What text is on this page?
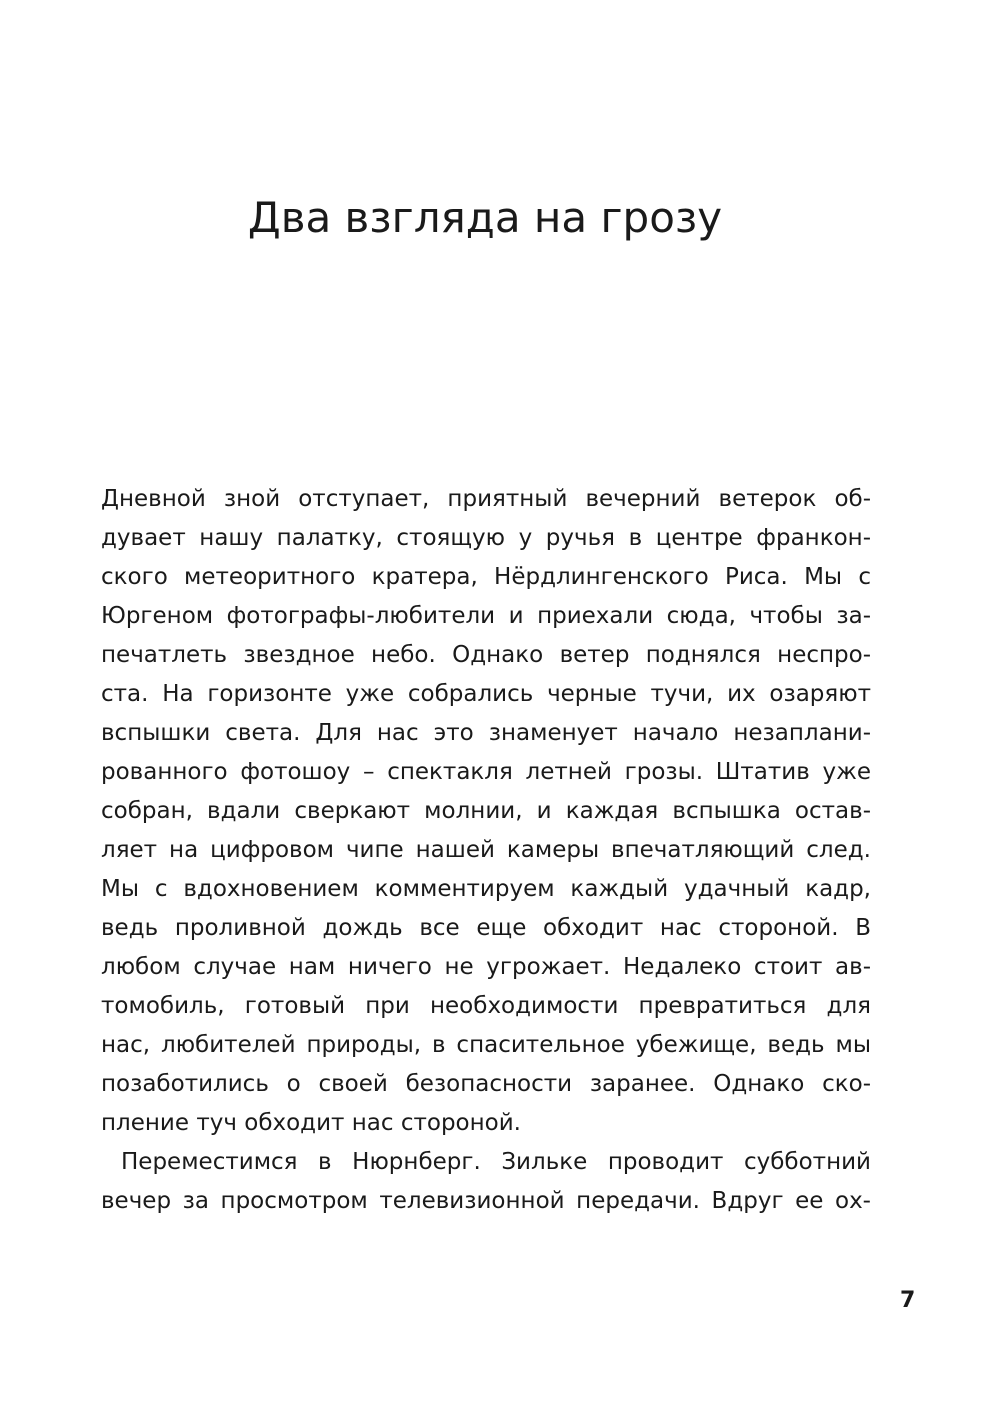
Два взгляда на грозу
Дневной зной отступает, приятный вечерний ветерок об-
дувает нашу палатку, стоящую у ручья в центре франкон-
ского метеоритного кратера, Нёрдлингенского Риса. Мы с
Юргеном фотографы-любители и приехали сюда, чтобы за-
печатлеть звездное небо. Однако ветер поднялся неспро-
ста. На горизонте уже собрались черные тучи, их озаряют
вспышки света. Для нас это знаменует начало незаплани-
рованного фотошоу – спектакля летней грозы. Штатив уже
собран, вдали сверкают молнии, и каждая вспышка остав-
ляет на цифровом чипе нашей камеры впечатляющий след.
Мы с вдохновением комментируем каждый удачный кадр,
ведь проливной дождь все еще обходит нас стороной. В
любом случае нам ничего не угрожает. Недалеко стоит ав-
томобиль, готовый при необходимости превратиться для
нас, любителей природы, в спасительное убежище, ведь мы
позаботились о своей безопасности заранее. Однако ско-
пление туч обходит нас стороной.
Переместимся в Нюрнберг. Зильке проводит субботний
вечер за просмотром телевизионной передачи. Вдруг ее ох-
7
